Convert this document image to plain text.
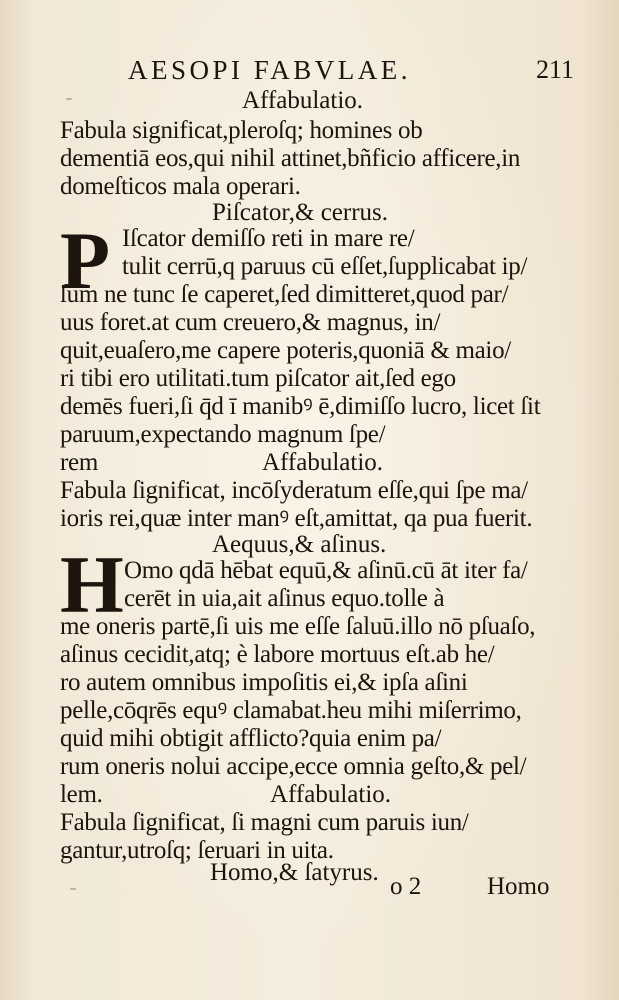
AESOPI FABVLAE.	211
Affabulatio.
Fabula significat,pleroſq; homines ob
dementiā eos,qui nihil attinet,bñficio afficere,in
domeſticos mala operari.
Piſcator,& cerrus.
P Iſcator demiſſo reti in mare re/
tulit cerrū,q paruus cū eſſet,ſupplicabat ip/
ſum ne tunc ſe caperet,ſed dimitteret,quod par/
uus foret.at cum creuero,& magnus, in/
quit,euaſero,me capere poteris,quoniā & maio/
ri tibi ero utilitati.tum piſcator ait,ſed ego
demēs fueri,ſi q̄d ī manibꝰ ē,dimiſſo lucro, licet ſit
paruum,expectando magnum ſpe/
rem	Affabulatio.
Fabula ſignificat, incōſyderatum eſſe,qui ſpe ma/
ioris rei,quæ inter manꝰ eſt,amittat, qa pua fuerit.
Aequus,& aſinus.
H Omo qdā hēbat equū,& aſinū.cū āt iter fa/
cerēt in uia,ait aſinus equo.tolle à
me oneris partē,ſi uis me eſſe ſaluū.illo nō pſuaſo,
aſinus cecidit,atq; è labore mortuus eſt.ab he/
ro autem omnibus impoſitis ei,& ipſa aſini
pelle,cōqrēs equꝰ clamabat.heu mihi miſerrimo,
quid mihi obtigit afflicto?quia enim pa/
rum oneris nolui accipe,ecce omnia geſto,& pel/
lem.	Affabulatio.
Fabula ſignificat, ſi magni cum paruis iun/
gantur,utroſq; ſeruari in uita.
Homo,& ſatyrus.
o 2	Homo
